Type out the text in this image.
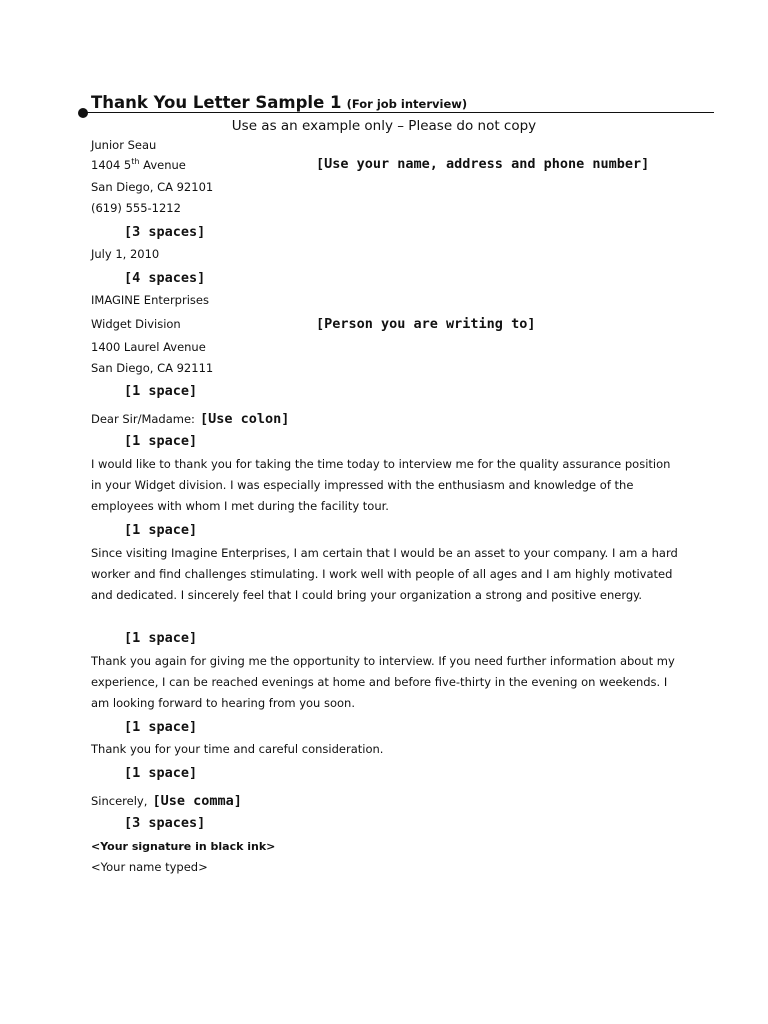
Thank You Letter Sample 1 (For job interview)
Use as an example only – Please do not copy
Junior Seau
1404 5th Avenue	[Use your name, address and phone number]
San Diego, CA 92101
(619) 555-1212
[3 spaces]
July 1, 2010
[4 spaces]
IMAGINE Enterprises
Widget Division	[Person you are writing to]
1400 Laurel Avenue
San Diego, CA 92111
[1 space]
Dear Sir/Madame: [Use colon]
[1 space]
I would like to thank you for taking the time today to interview me for the quality assurance position in your Widget division. I was especially impressed with the enthusiasm and knowledge of the employees with whom I met during the facility tour.
[1 space]
Since visiting Imagine Enterprises, I am certain that I would be an asset to your company. I am a hard worker and find challenges stimulating. I work well with people of all ages and I am highly motivated and dedicated. I sincerely feel that I could bring your organization a strong and positive energy.
[1 space]
Thank you again for giving me the opportunity to interview. If you need further information about my experience, I can be reached evenings at home and before five-thirty in the evening on weekends. I am looking forward to hearing from you soon.
[1 space]
Thank you for your time and careful consideration.
[1 space]
Sincerely, [Use comma]
[3 spaces]
<Your signature in black ink>
<Your name typed>
